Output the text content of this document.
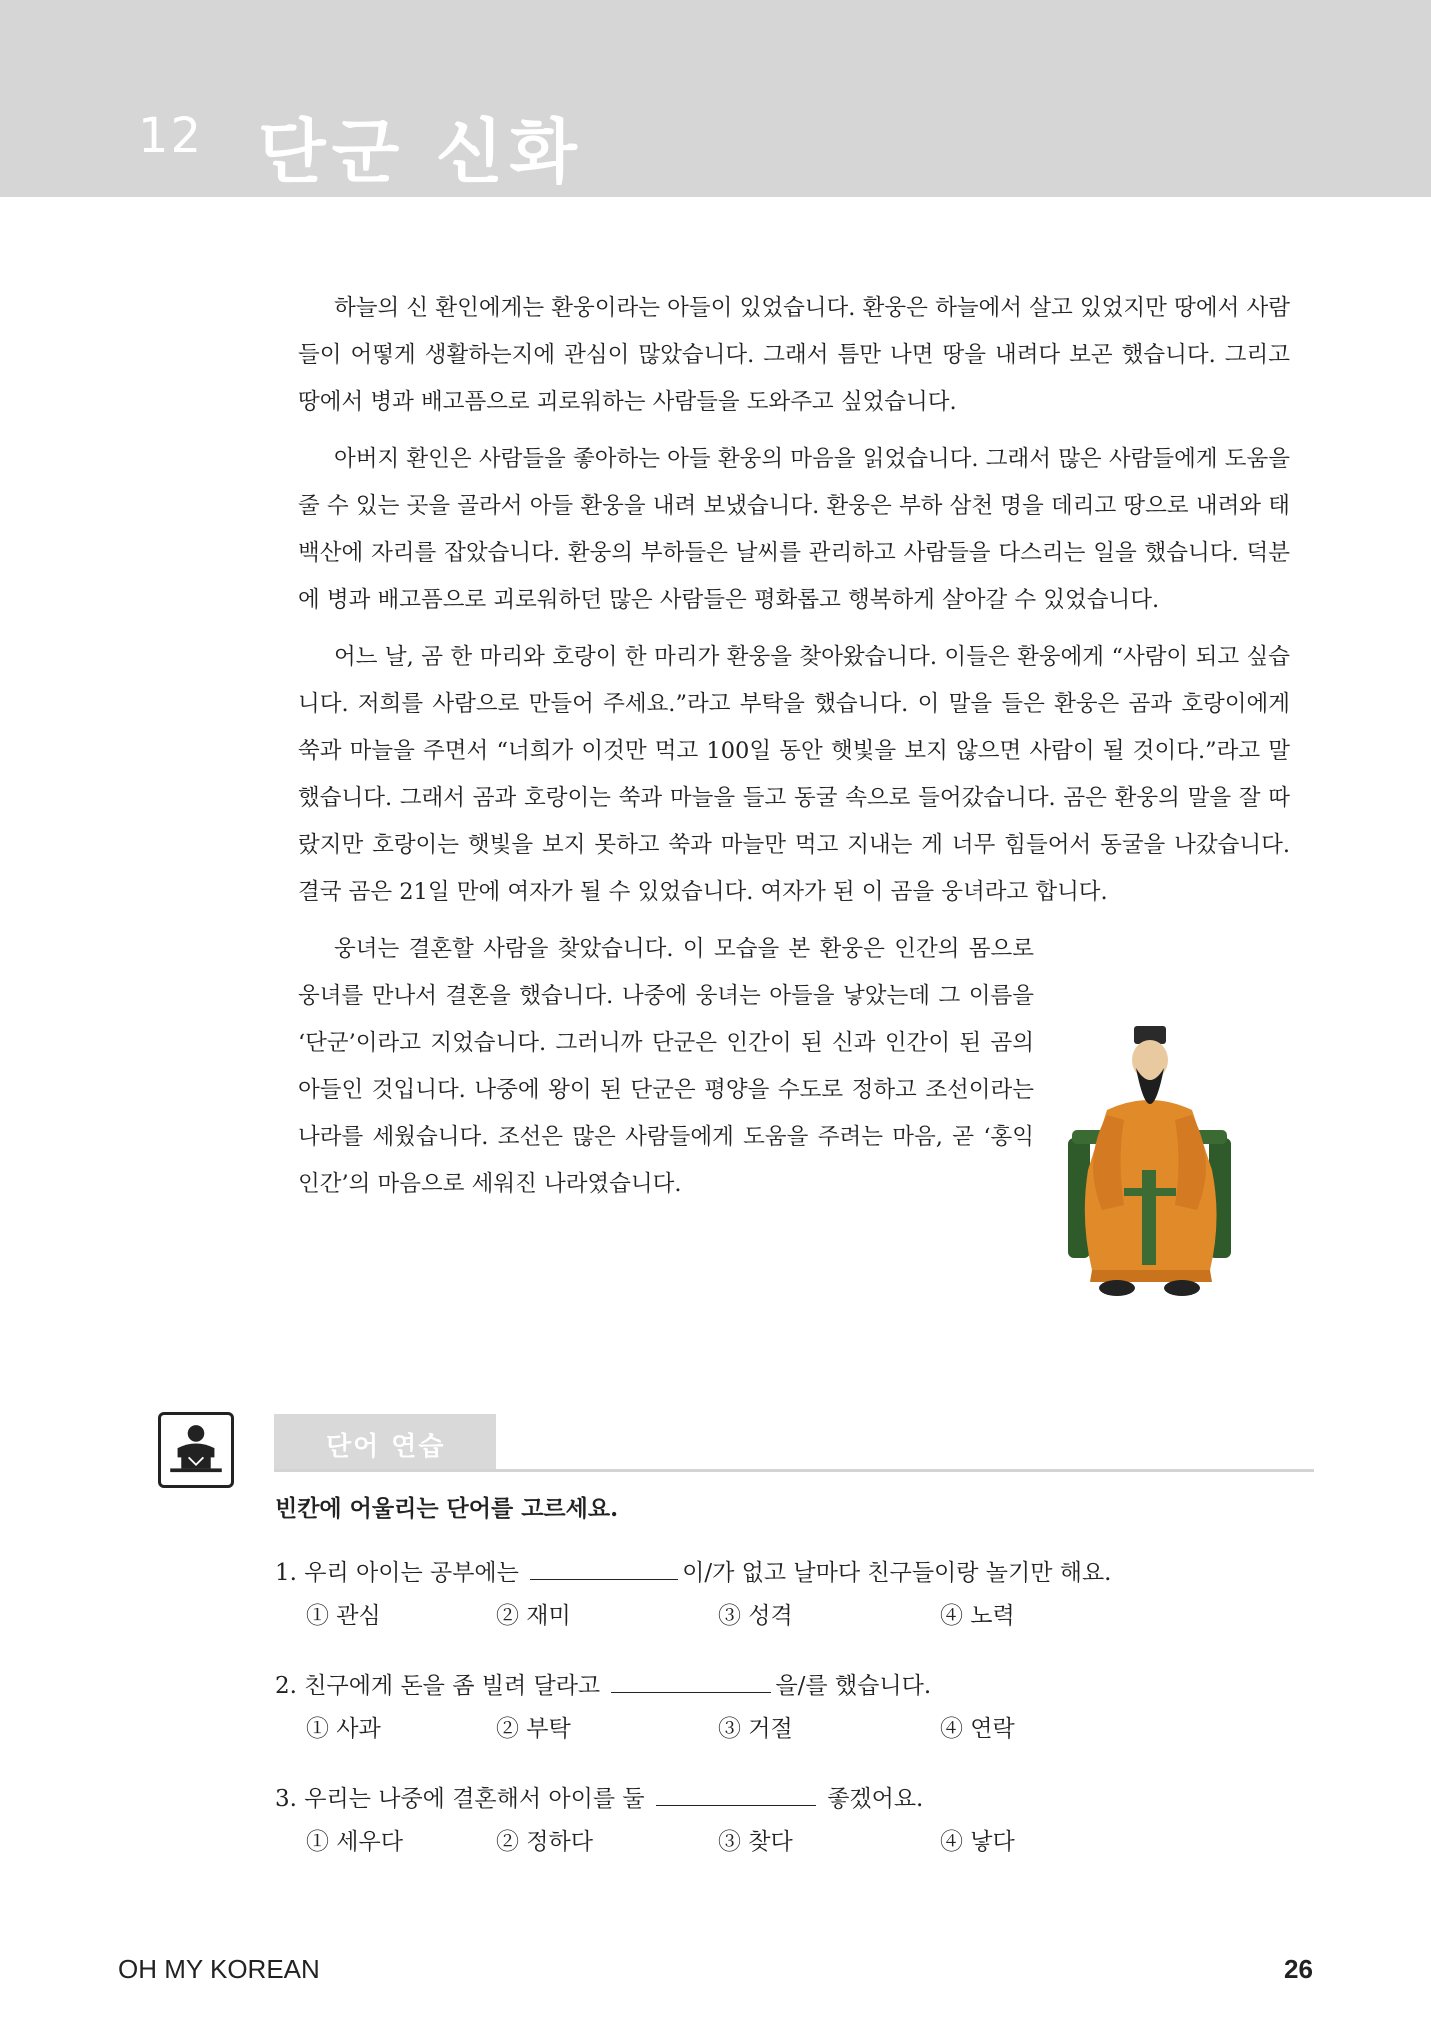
12 단군 신화

하늘의 신 환인에게는 환웅이라는 아들이 있었습니다. 환웅은 하늘에서 살고 있었지만 땅에서 사람들이 어떻게 생활하는지에 관심이 많았습니다. 그래서 틈만 나면 땅을 내려다 보곤 했습니다. 그리고 땅에서 병과 배고픔으로 괴로워하는 사람들을 도와주고 싶었습니다.

아버지 환인은 사람들을 좋아하는 아들 환웅의 마음을 읽었습니다. 그래서 많은 사람들에게 도움을 줄 수 있는 곳을 골라서 아들 환웅을 내려 보냈습니다. 환웅은 부하 삼천 명을 데리고 땅으로 내려와 태백산에 자리를 잡았습니다. 환웅의 부하들은 날씨를 관리하고 사람들을 다스리는 일을 했습니다. 덕분에 병과 배고픔으로 괴로워하던 많은 사람들은 평화롭고 행복하게 살아갈 수 있었습니다.

어느 날, 곰 한 마리와 호랑이 한 마리가 환웅을 찾아왔습니다. 이들은 환웅에게 “사람이 되고 싶습니다. 저희를 사람으로 만들어 주세요.”라고 부탁을 했습니다. 이 말을 들은 환웅은 곰과 호랑이에게 쑥과 마늘을 주면서 “너희가 이것만 먹고 100일 동안 햇빛을 보지 않으면 사람이 될 것이다.”라고 말했습니다. 그래서 곰과 호랑이는 쑥과 마늘을 들고 동굴 속으로 들어갔습니다. 곰은 환웅의 말을 잘 따랐지만 호랑이는 햇빛을 보지 못하고 쑥과 마늘만 먹고 지내는 게 너무 힘들어서 동굴을 나갔습니다. 결국 곰은 21일 만에 여자가 될 수 있었습니다. 여자가 된 이 곰을 웅녀라고 합니다.

웅녀는 결혼할 사람을 찾았습니다. 이 모습을 본 환웅은 인간의 몸으로 웅녀를 만나서 결혼을 했습니다. 나중에 웅녀는 아들을 낳았는데 그 이름을 ‘단군’이라고 지었습니다. 그러니까 단군은 인간이 된 신과 인간이 된 곰의 아들인 것입니다. 나중에 왕이 된 단군은 평양을 수도로 정하고 조선이라는 나라를 세웠습니다. 조선은 많은 사람들에게 도움을 주려는 마음, 곧 ‘홍익인간’의 마음으로 세워진 나라였습니다.

단어 연습
빈칸에 어울리는 단어를 고르세요.
1. 우리 아이는 공부에는	이/가 없고 날마다 친구들이랑 놀기만 해요.
① 관심	② 재미	③ 성격	④ 노력
2. 친구에게 돈을 좀 빌려 달라고	을/를 했습니다.
① 사과	② 부탁	③ 거절	④ 연락
3. 우리는 나중에 결혼해서 아이를 둘	좋겠어요.
① 세우다	② 정하다	③ 찾다	④ 낳다
OH MY KOREAN	26
